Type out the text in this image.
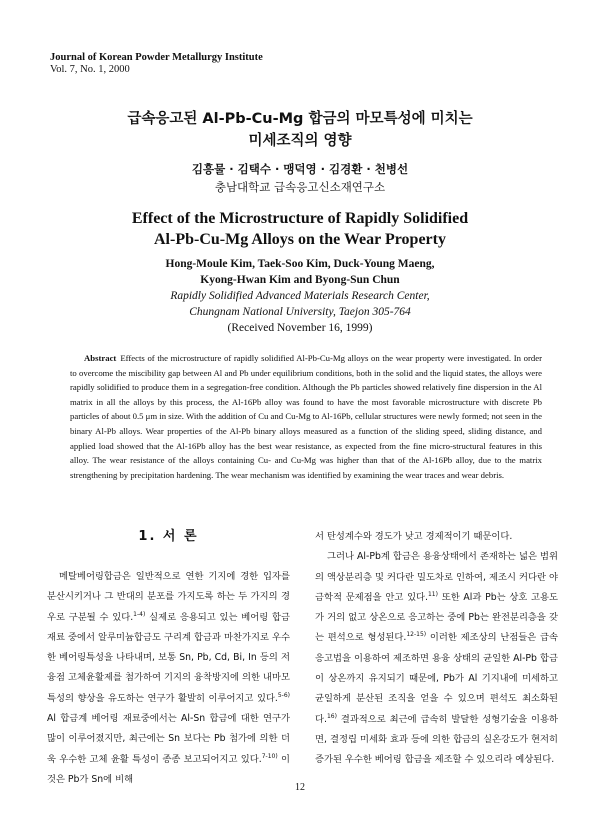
Journal of Korean Powder Metallurgy Institute
Vol. 7, No. 1, 2000
급속응고된 Al-Pb-Cu-Mg 합금의 마모특성에 미치는
미세조직의 영향
김흥물 · 김택수 · 맹덕영 · 김경환 · 천병선
충남대학교 급속응고신소재연구소
Effect of the Microstructure of Rapidly Solidified
Al-Pb-Cu-Mg Alloys on the Wear Property
Hong-Moule Kim, Taek-Soo Kim, Duck-Young Maeng,
Kyong-Hwan Kim and Byong-Sun Chun
Rapidly Solidified Advanced Materials Research Center,
Chungnam National University, Taejon 305-764
(Received November 16, 1999)
Abstract Effects of the microstructure of rapidly solidified Al-Pb-Cu-Mg alloys on the wear property were investigated. In order to overcome the miscibility gap between Al and Pb under equilibrium conditions, both in the solid and the liquid states, the alloys were rapidly solidified to produce them in a segregation-free condition. Although the Pb particles showed relatively fine dispersion in the Al matrix in all the alloys by this process, the Al-16Pb alloy was found to have the most favorable microstructure with discrete Pb particles of about 0.5 μm in size. With the addition of Cu and Cu-Mg to Al-16Pb, cellular structures were newly formed; not seen in the binary Al-Pb alloys. Wear properties of the Al-Pb binary alloys measured as a function of the sliding speed, sliding distance, and applied load showed that the Al-16Pb alloy has the best wear resistance, as expected from the fine micro-structural features in this alloy. The wear resistance of the alloys containing Cu- and Cu-Mg was higher than that of the Al-16Pb alloy, due to the matrix strengthening by precipitation hardening. The wear mechanism was identified by examining the wear traces and wear debris.
1. 서 론

메탈베어링합금은 일반적으로 연한 기지에 경한 입자를 분산시키거나 그 반대의 분포를 가지도록 하는 두 가지의 경우로 구분될 수 있다.$^{1-4)}$ 실제로 응용되고 있는 베어링 합금재료 중에서 알루미늄합금도 구리계 합금과 마찬가지로 우수한 베어링특성을 나타내며, 보통 Sn, Pb, Cd, Bi, In 등의 저융점 고체윤활제를 첨가하여 기지의 융착방지에 의한 내마모특성의 향상을 유도하는 연구가 활발히 이루어지고 있다.$^{5-6)}$ Al 합금계 베어링 재료중에서는 Al-Sn 합금에 대한 연구가 많이 이루어졌지만, 최근에는 Sn 보다는 Pb 첨가에 의한 더욱 우수한 고체 윤활 특성이 종종 보고되어지고 있다.$^{7-10)}$ 이것은 Pb가 Sn에 비해

서 탄성계수와 경도가 낮고 경제적이기 때문이다.

그러나 Al-Pb계 합금은 용융상태에서 존재하는 넓은 범위의 액상분리층 및 커다란 밀도차로 인하여, 제조시 커다란 야금학적 문제점을 안고 있다.$^{11)}$ 또한 Al과 Pb는 상호 고용도가 거의 없고 상온으로 응고하는 중에 Pb는 완전분리층을 갖는 편석으로 형성된다.$^{12-15)}$ 이러한 제조상의 난점들은 급속응고법을 이용하여 제조하면 용융 상태의 균일한 Al-Pb 합금이 상온까지 유지되기 때문에, Pb가 Al 기지내에 미세하고 균일하게 분산된 조직을 얻을 수 있으며 편석도 최소화된다.$^{16)}$ 결과적으로 최근에 급속히 발달한 성형기술을 이용하면, 결정립 미세화 효과 등에 의한 합금의 실온강도가 현저히 증가된 우수한 베어링 합금을 제조할 수 있으리라 예상된다.

12
